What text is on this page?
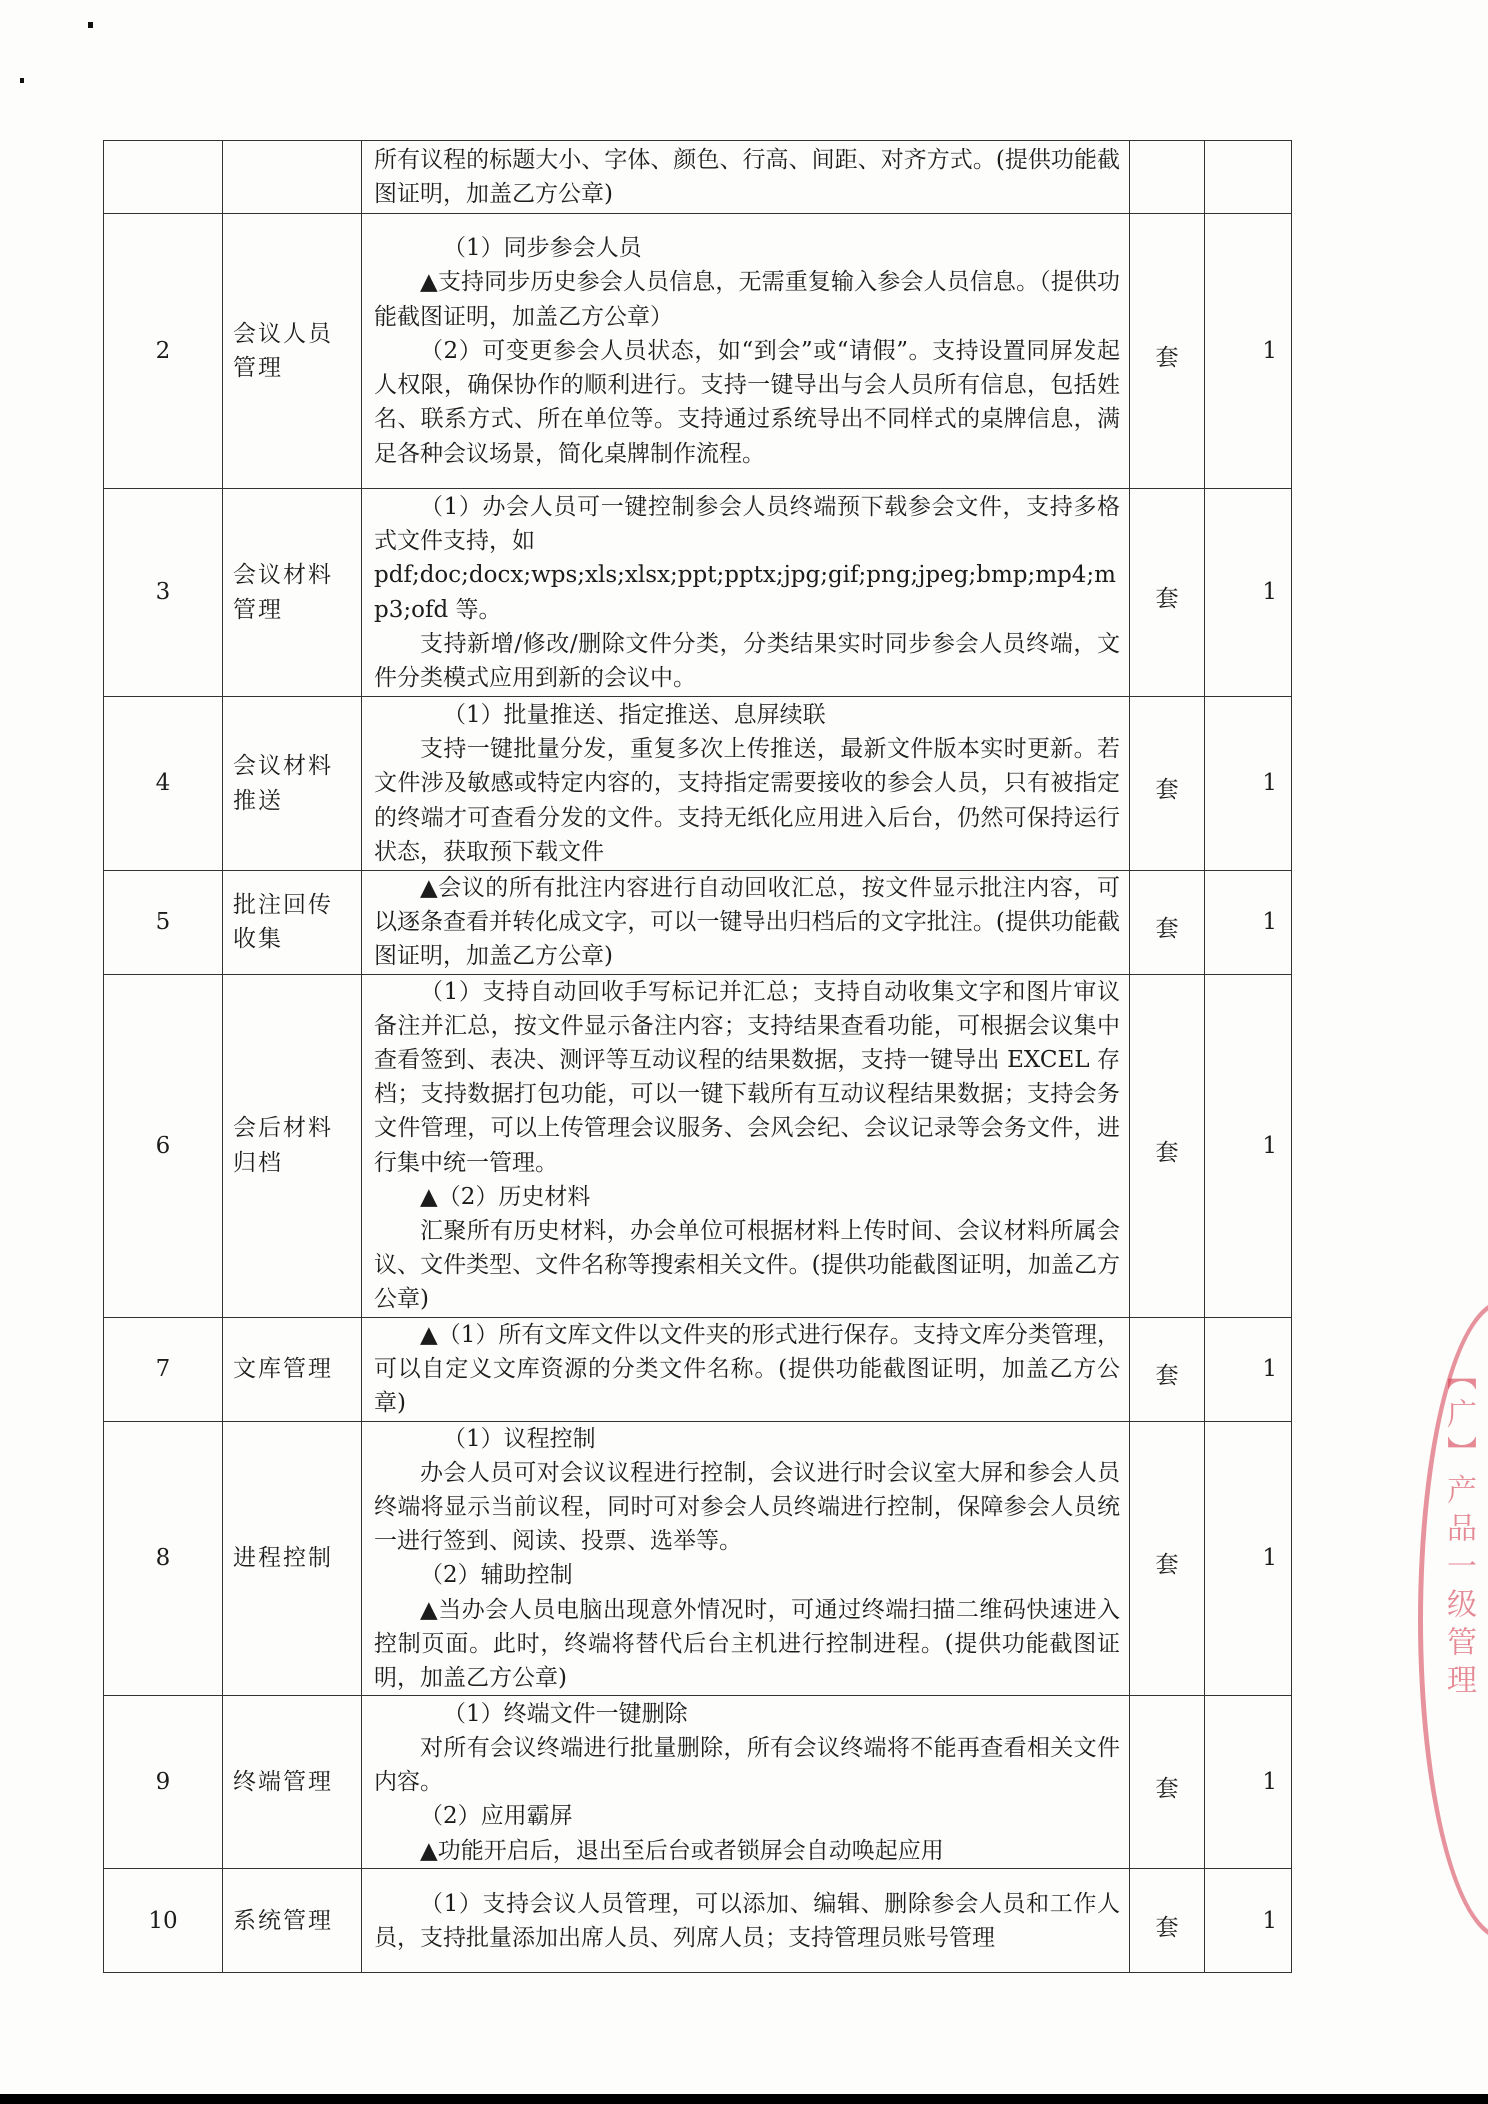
		所有议程的标题大小、字体、颜色、行高、间距、对齐方式。(提供功能截图证明，加盖乙方公章)		

2	会议人员管理	（1）同步参会人员

▲支持同步历史参会人员信息，无需重复输入参会人员信息。（提供功能截图证明，加盖乙方公章）

（2）可变更参会人员状态，如“到会”或“请假”。支持设置同屏发起人权限，确保协作的顺利进行。支持一键导出与会人员所有信息，包括姓名、联系方式、所在单位等。支持通过系统导出不同样式的桌牌信息，满足各种会议场景，简化桌牌制作流程。	套	1
3	会议材料管理	（1）办会人员可一键控制参会人员终端预下载参会文件，支持多格式文件支持，如

pdf;doc;docx;wps;xls;xlsx;ppt;pptx;jpg;gif;png;jpeg;bmp;mp4;mp3;ofd 等。

支持新增/修改/删除文件分类，分类结果实时同步参会人员终端，文件分类模式应用到新的会议中。	套	1
4	会议材料推送	（1）批量推送、指定推送、息屏续联

支持一键批量分发，重复多次上传推送，最新文件版本实时更新。若文件涉及敏感或特定内容的，支持指定需要接收的参会人员，只有被指定的终端才可查看分发的文件。支持无纸化应用进入后台，仍然可保持运行状态，获取预下载文件	套	1
5	批注回传收集	▲会议的所有批注内容进行自动回收汇总，按文件显示批注内容，可以逐条查看并转化成文字，可以一键导出归档后的文字批注。(提供功能截图证明，加盖乙方公章)	套	1
6	会后材料归档	（1）支持自动回收手写标记并汇总；支持自动收集文字和图片审议备注并汇总，按文件显示备注内容；支持结果查看功能，可根据会议集中查看签到、表决、测评等互动议程的结果数据，支持一键导出 EXCEL 存档；支持数据打包功能，可以一键下载所有互动议程结果数据；支持会务文件管理，可以上传管理会议服务、会风会纪、会议记录等会务文件，进行集中统一管理。

▲（2）历史材料

汇聚所有历史材料，办会单位可根据材料上传时间、会议材料所属会议、文件类型、文件名称等搜索相关文件。(提供功能截图证明，加盖乙方公章)	套	1
7	文库管理	▲（1）所有文库文件以文件夹的形式进行保存。支持文库分类管理，可以自定义文库资源的分类文件名称。(提供功能截图证明，加盖乙方公章)	套	1
8	进程控制	（1）议程控制

办会人员可对会议议程进行控制，会议进行时会议室大屏和参会人员终端将显示当前议程，同时可对参会人员终端进行控制，保障参会人员统一进行签到、阅读、投票、选举等。

（2）辅助控制

▲当办会人员电脑出现意外情况时，可通过终端扫描二维码快速进入控制页面。此时，终端将替代后台主机进行控制进程。(提供功能截图证明，加盖乙方公章)	套	1
9	终端管理	（1）终端文件一键删除

对所有会议终端进行批量删除，所有会议终端将不能再查看相关文件内容。

（2）应用霸屏

▲功能开启后，退出至后台或者锁屏会自动唤起应用	套	1
10	系统管理	（1）支持会议人员管理，可以添加、编辑、删除参会人员和工作人员，支持批量添加出席人员、列席人员；支持管理员账号管理	套	1
【广】产品一级管理
